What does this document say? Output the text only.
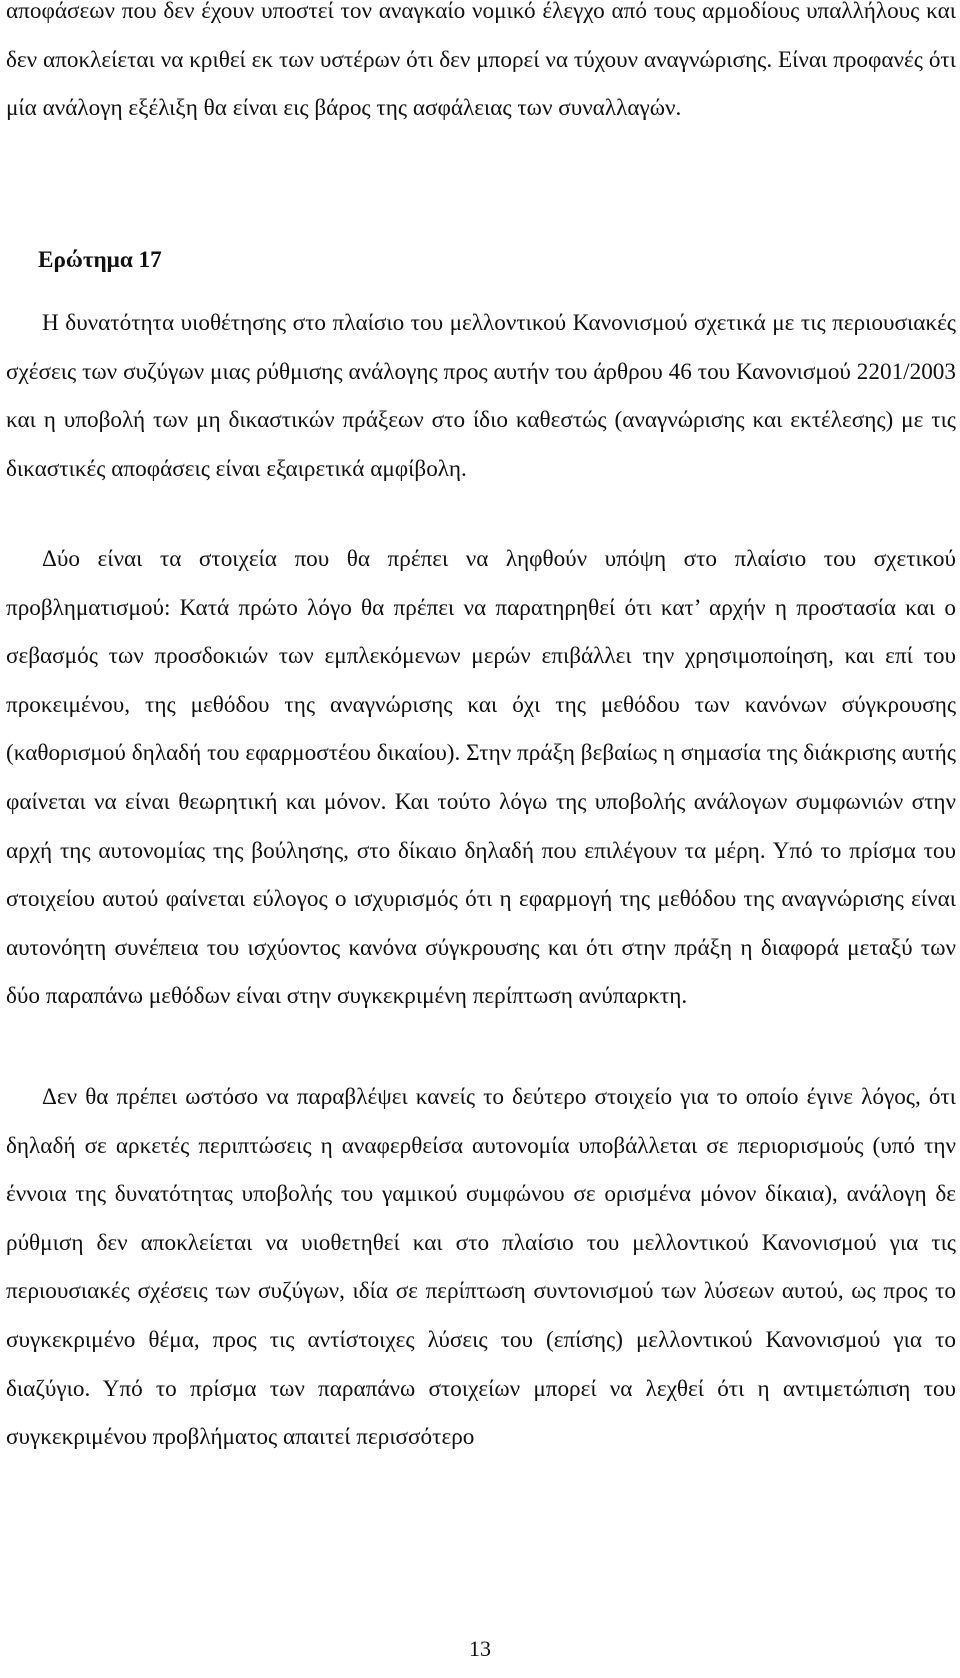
αποφάσεων που δεν έχουν υποστεί τον αναγκαίο νομικό έλεγχο από τους αρμοδίους υπαλλήλους και δεν αποκλείεται να κριθεί εκ των υστέρων ότι δεν μπορεί να τύχουν αναγνώρισης. Είναι προφανές ότι μία ανάλογη εξέλιξη θα είναι εις βάρος της ασφάλειας των συναλλαγών.

Ερώτημα 17

Η δυνατότητα υιοθέτησης στο πλαίσιο του μελλοντικού Κανονισμού σχετικά με τις περιουσιακές σχέσεις των συζύγων μιας ρύθμισης ανάλογης προς αυτήν του άρθρου 46 του Κανονισμού 2201/2003 και η υποβολή των μη δικαστικών πράξεων στο ίδιο καθεστώς (αναγνώρισης και εκτέλεσης) με τις δικαστικές αποφάσεις είναι εξαιρετικά αμφίβολη.

Δύο είναι τα στοιχεία που θα πρέπει να ληφθούν υπόψη στο πλαίσιο του σχετικού προβληματισμού: Κατά πρώτο λόγο θα πρέπει να παρατηρηθεί ότι κατ’ αρχήν η προστασία και ο σεβασμός των προσδοκιών των εμπλεκόμενων μερών επιβάλλει την χρησιμοποίηση, και επί του προκειμένου, της μεθόδου της αναγνώρισης και όχι της μεθόδου των κανόνων σύγκρουσης (καθορισμού δηλαδή του εφαρμοστέου δικαίου). Στην πράξη βεβαίως η σημασία της διάκρισης αυτής φαίνεται να είναι θεωρητική και μόνον. Και τούτο λόγω της υποβολής ανάλογων συμφωνιών στην αρχή της αυτονομίας της βούλησης, στο δίκαιο δηλαδή που επιλέγουν τα μέρη. Υπό το πρίσμα του στοιχείου αυτού φαίνεται εύλογος ο ισχυρισμός ότι η εφαρμογή της μεθόδου της αναγνώρισης είναι αυτονόητη συνέπεια του ισχύοντος κανόνα σύγκρουσης και ότι στην πράξη η διαφορά μεταξύ των δύο παραπάνω μεθόδων είναι στην συγκεκριμένη περίπτωση ανύπαρκτη.

Δεν θα πρέπει ωστόσο να παραβλέψει κανείς το δεύτερο στοιχείο για το οποίο έγινε λόγος, ότι δηλαδή σε αρκετές περιπτώσεις η αναφερθείσα αυτονομία υποβάλλεται σε περιορισμούς (υπό την έννοια της δυνατότητας υποβολής του γαμικού συμφώνου σε ορισμένα μόνον δίκαια), ανάλογη δε ρύθμιση δεν αποκλείεται να υιοθετηθεί και στο πλαίσιο του μελλοντικού Κανονισμού για τις περιουσιακές σχέσεις των συζύγων, ιδία σε περίπτωση συντονισμού των λύσεων αυτού, ως προς το συγκεκριμένο θέμα, προς τις αντίστοιχες λύσεις του (επίσης) μελλοντικού Κανονισμού για το διαζύγιο. Υπό το πρίσμα των παραπάνω στοιχείων μπορεί να λεχθεί ότι η αντιμετώπιση του συγκεκριμένου προβλήματος απαιτεί περισσότερο

13
